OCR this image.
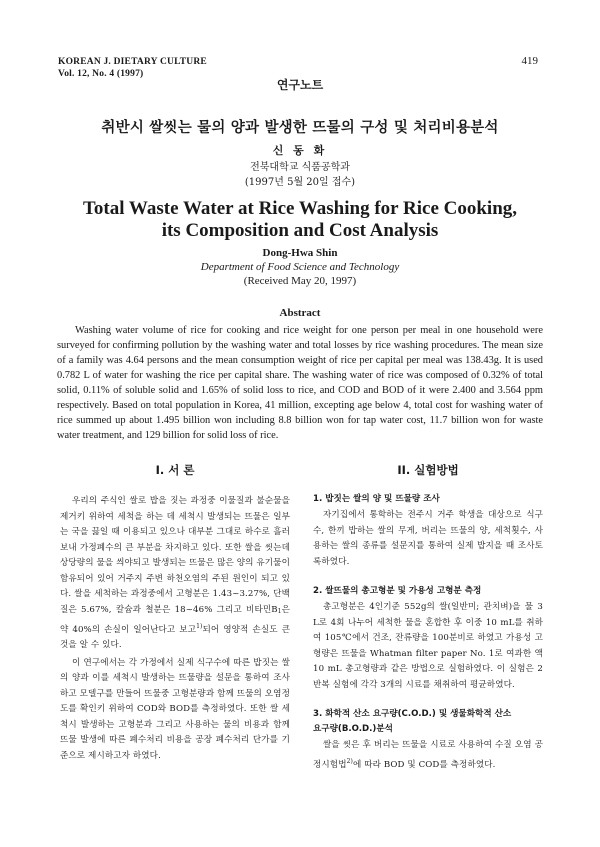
KOREAN J. DIETARY CULTURE
Vol. 12, No. 4 (1997)
419
연구노트
취반시 쌀씻는 물의 양과 발생한 뜨물의 구성 및 처리비용분석
신 동 화
전북대학교 식품공학과
(1997년 5월 20일 접수)
Total Waste Water at Rice Washing for Rice Cooking,
its Composition and Cost Analysis
Dong-Hwa Shin
Department of Food Science and Technology
(Received May 20, 1997)
Abstract

Washing water volume of rice for cooking and rice weight for one person per meal in one household were surveyed for confirming pollution by the washing water and total losses by rice washing procedures. The mean size of a family was 4.64 persons and the mean consumption weight of rice per capital per meal was 138.43g. It is used 0.782 L of water for washing the rice per capital share. The washing water of rice was composed of 0.32% of total solid, 0.11% of soluble solid and 1.65% of solid loss to rice, and COD and BOD of it were 2.400 and 3.564 ppm respectively. Based on total population in Korea, 41 million, excepting age below 4, total cost for washing water of rice summed up about 1.495 billion won including 8.8 billion won for tap water cost, 11.7 billion won for waste water treatment, and 129 billion for solid loss of rice.

I. 서 론

우리의 주식인 쌀로 밥을 짓는 과정중 이물질과 불순물을 제거키 위하여 세척을 하는 데 세척시 발생되는 뜨물은 일부는 국을 끓일 때 이용되고 있으나 대부분 그대로 하수로 흘러보내 가정폐수의 큰 부분을 차지하고 있다. 또한 쌀을 씻는데 상당량의 물을 씌야되고 발생되는 뜨물은 많은 양의 유기물이 함유되어 있어 거주지 주변 하천오염의 주된 원인이 되고 있다. 쌀을 세척하는 과정중에서 고형분은 1.43~3.27%, 단백질은 5.67%, 칼슘과 철분은 18~46% 그리고 비타민$B_1$은 약 40%의 손실이 일어난다고 보고$^{1)}$되어 영양적 손실도 큰 것을 알 수 있다.

이 연구에서는 각 가정에서 실제 식구수에 따른 밥짓는 쌀의 양과 이를 세척시 발생하는 뜨물량을 설문을 통하여 조사하고 모델구를 만들어 뜨물중 고형분량과 함께 뜨물의 오염정도를 확인키 위하여 COD와 BOD를 측정하였다. 또한 쌀 세척시 발생하는 고형분과 그리고 사용하는 물의 비용과 함께 뜨물 발생에 따른 폐수처리 비용을 공장 폐수처리 단가를 기준으로 제시하고자 하였다.

II. 실험방법
1. 밥짓는 쌀의 양 및 뜨물량 조사

자기집에서 통학하는 전주시 거주 학생을 대상으로 식구수, 한끼 밥하는 쌀의 무게, 버리는 뜨물의 양, 세척횟수, 사용하는 쌀의 종류를 설문지를 통하여 실제 밥지을 때 조사토록하였다.

2. 쌀뜨물의 총고형분 및 가용성 고형분 측정

총고형분은 4인기준 552g의 쌀(일반미; 관치벼)을 물 3 L로 4회 나누어 세척한 물을 혼합한 후 이중 10 mL를 취하여 105℃에서 건조, 잔류량을 100분비로 하였고 가용성 고형량은 뜨물을 Whatman filter paper No. 1로 여과한 액 10 mL 총고형량과 같은 방법으로 실험하였다. 이 실험은 2반복 실험에 각각 3개의 시료를 채취하여 평균하였다.

3. 화학적 산소 요구량(C.O.D.) 및 생물화학적 산소
요구량(B.O.D.)분석

쌀을 씻은 후 버리는 뜨물을 시료로 사용하여 수질 오염 공정시험법$^{2)}$에 따라 BOD 및 COD를 측정하였다.
